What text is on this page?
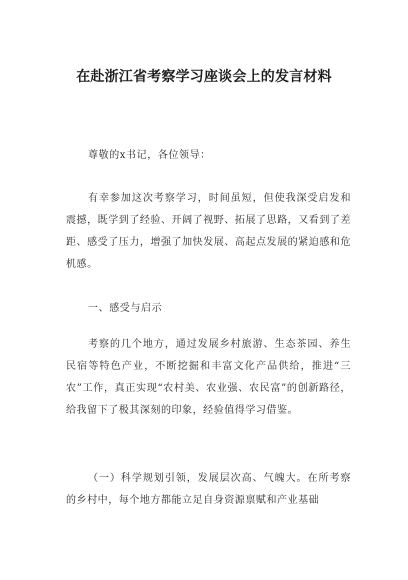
在赴浙江省考察学习座谈会上的发言材料
尊敬的x书记，各位领导：
有幸参加这次考察学习，时间虽短，但使我深受启发和震撼，既学到了经验、开阔了视野、拓展了思路，又看到了差距、感受了压力，增强了加快发展、高起点发展的紧迫感和危机感。
一、感受与启示
考察的几个地方，通过发展乡村旅游、生态茶园、养生民宿等特色产业，不断挖掘和丰富文化产品供给，推进“三农”工作，真正实现“农村美、农业强、农民富”的创新路径，给我留下了极其深刻的印象，经验值得学习借鉴。
（一）科学规划引领，发展层次高、气魄大。在所考察的乡村中，每个地方都能立足自身资源禀赋和产业基础
